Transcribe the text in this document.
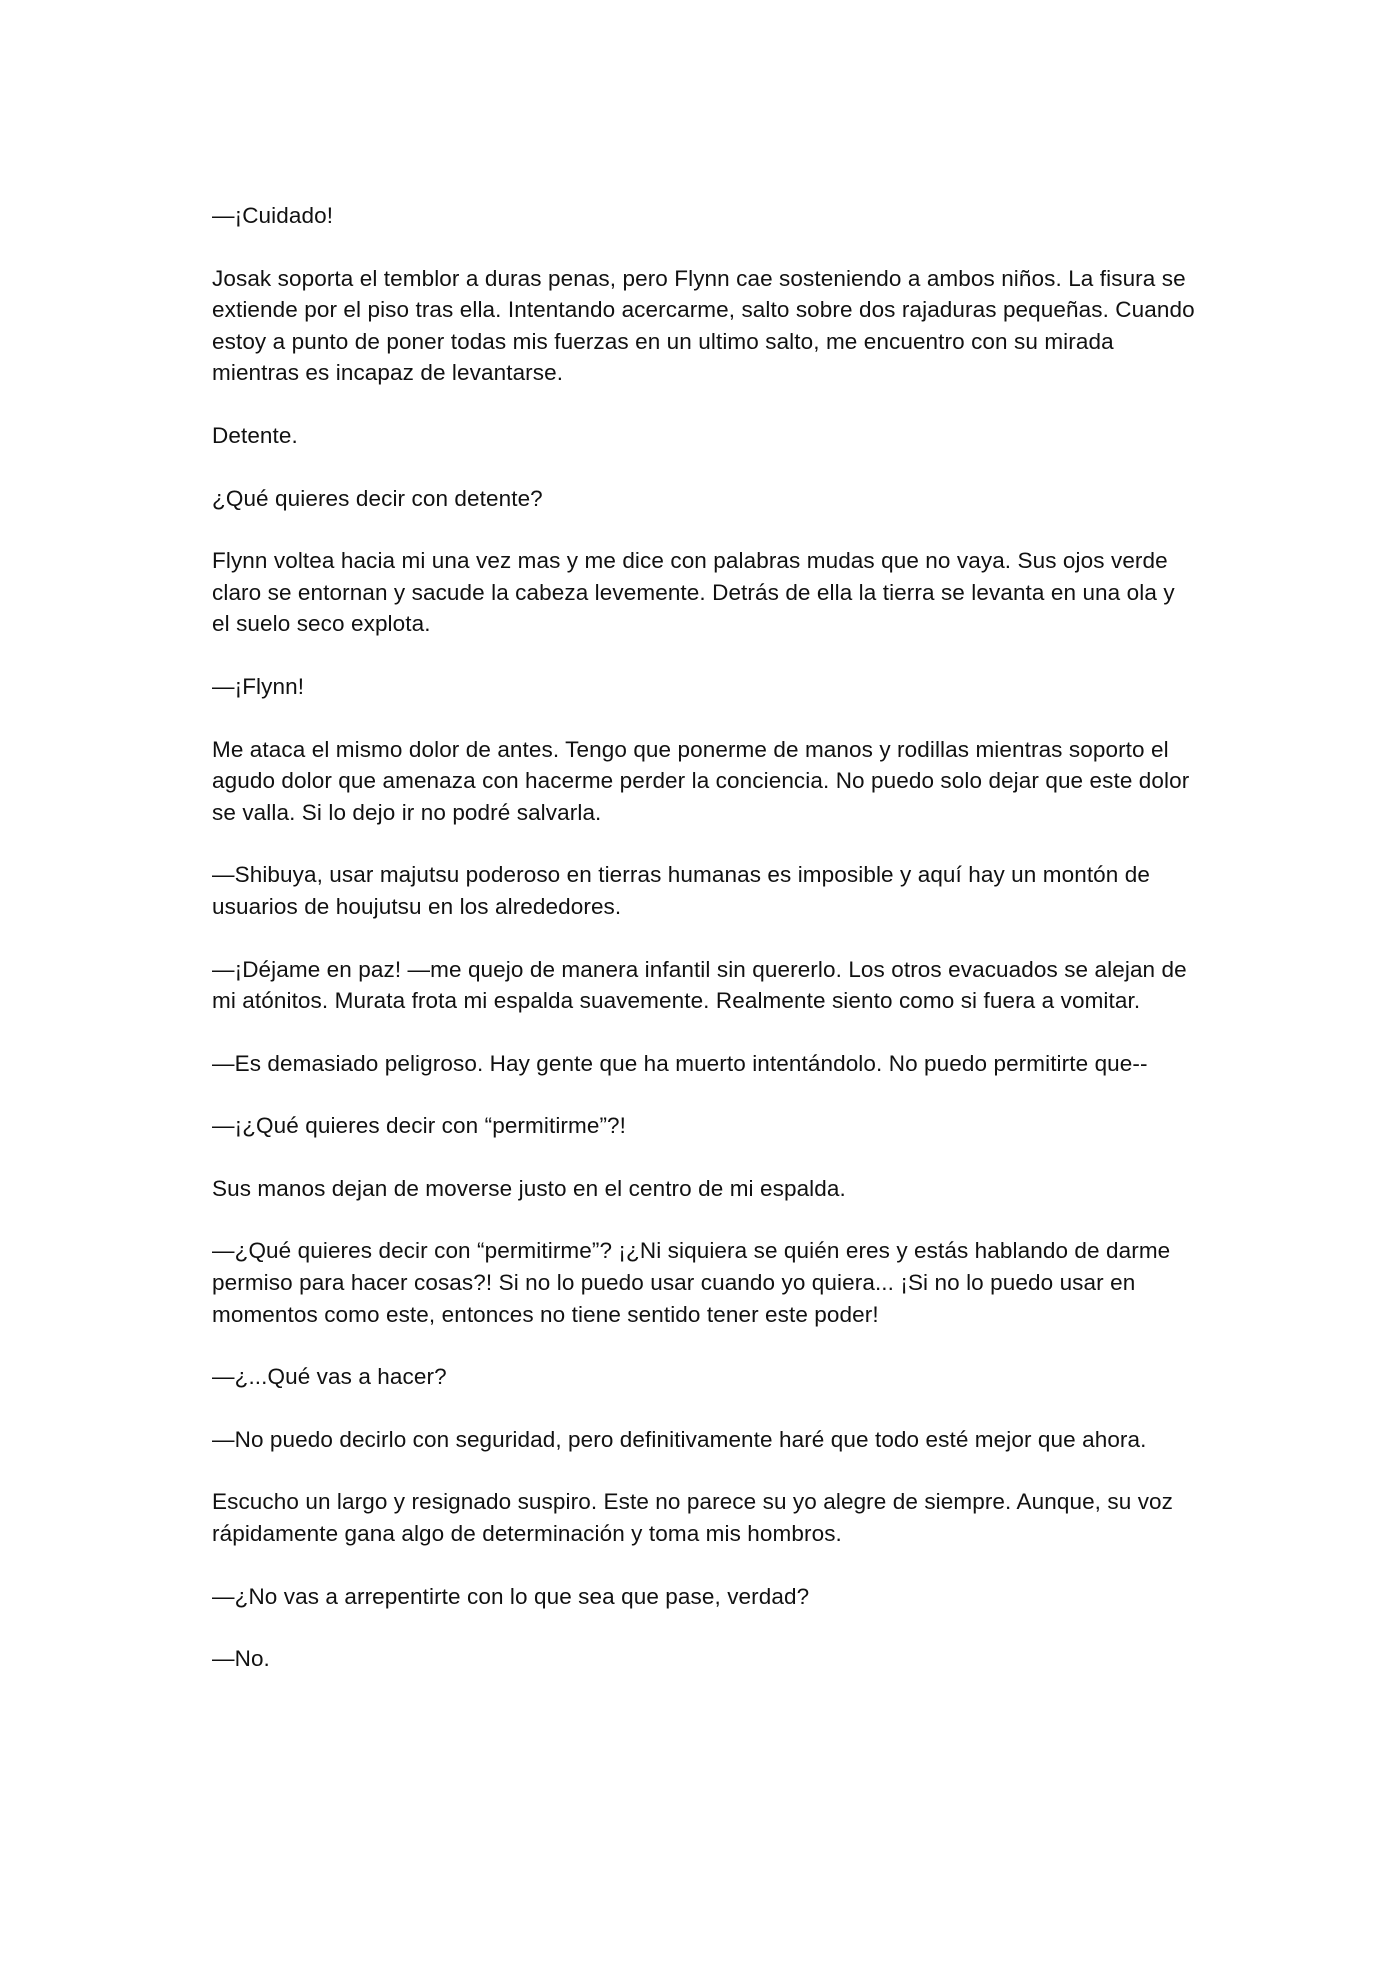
—¡Cuidado!

Josak soporta el temblor a duras penas, pero Flynn cae sosteniendo a ambos niños. La fisura se extiende por el piso tras ella. Intentando acercarme, salto sobre dos rajaduras pequeñas. Cuando estoy a punto de poner todas mis fuerzas en un ultimo salto, me encuentro con su mirada mientras es incapaz de levantarse.

Detente.

¿Qué quieres decir con detente?

Flynn voltea hacia mi una vez mas y me dice con palabras mudas que no vaya. Sus ojos verde claro se entornan y sacude la cabeza levemente. Detrás de ella la tierra se levanta en una ola y el suelo seco explota.

—¡Flynn!

Me ataca el mismo dolor de antes. Tengo que ponerme de manos y rodillas mientras soporto el agudo dolor que amenaza con hacerme perder la conciencia. No puedo solo dejar que este dolor se valla. Si lo dejo ir no podré salvarla.

—Shibuya, usar majutsu poderoso en tierras humanas es imposible y aquí hay un montón de usuarios de houjutsu en los alrededores.

—¡Déjame en paz! —me quejo de manera infantil sin quererlo. Los otros evacuados se alejan de mi atónitos. Murata frota mi espalda suavemente. Realmente siento como si fuera a vomitar.

—Es demasiado peligroso. Hay gente que ha muerto intentándolo. No puedo permitirte que--

—¡¿Qué quieres decir con “permitirme”?!

Sus manos dejan de moverse justo en el centro de mi espalda.

—¿Qué quieres decir con “permitirme”? ¡¿Ni siquiera se quién eres y estás hablando de darme permiso para hacer cosas?! Si no lo puedo usar cuando yo quiera... ¡Si no lo puedo usar en momentos como este, entonces no tiene sentido tener este poder!

—¿...Qué vas a hacer?

—No puedo decirlo con seguridad, pero definitivamente haré que todo esté mejor que ahora.

Escucho un largo y resignado suspiro. Este no parece su yo alegre de siempre. Aunque, su voz rápidamente gana algo de determinación y toma mis hombros.

—¿No vas a arrepentirte con lo que sea que pase, verdad?

—No.
